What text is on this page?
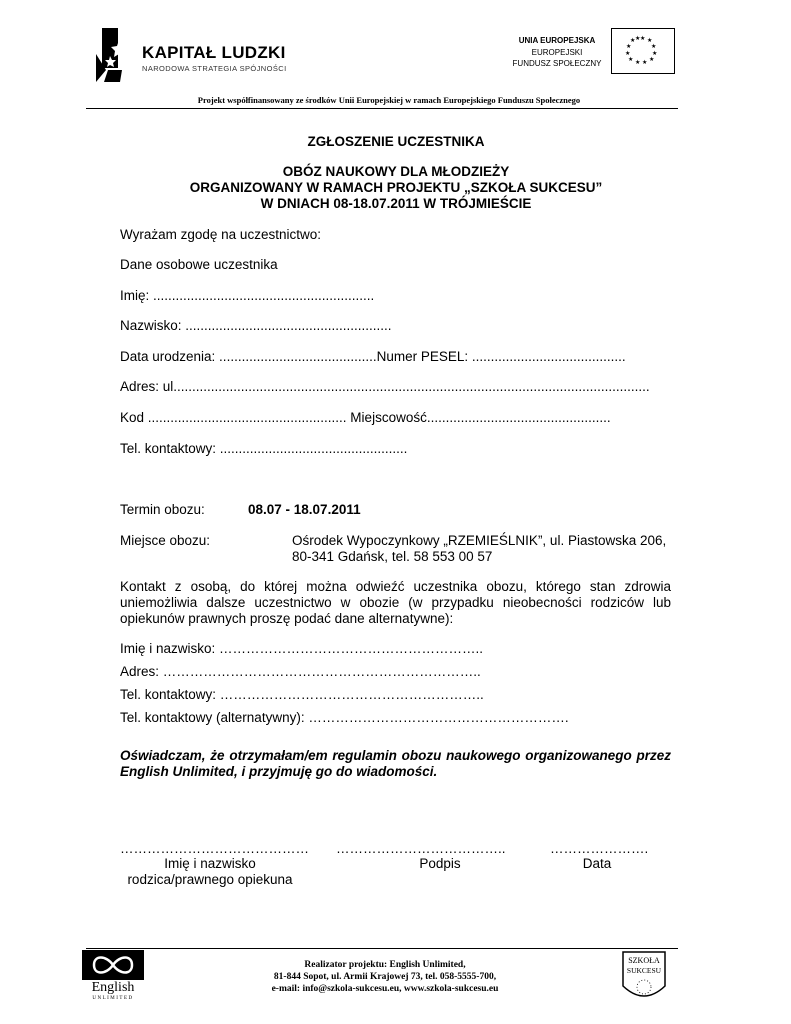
KAPITAŁ LUDZKI
NARODOWA STRATEGIA SPÓJNOŚCI
UNIA EUROPEJSKA
EUROPEJSKI
FUNDUSZ SPOŁECZNY
★ ★
★
★
★
★
★
★
★
★
★ ★
Projekt współfinansowany ze środków Unii Europejskiej w ramach Europejskiego Funduszu Społecznego
ZGŁOSZENIE UCZESTNIKA
OBÓZ NAUKOWY DLA MŁODZIEŻY
ORGANIZOWANY W RAMACH PROJEKTU „SZKOŁA SUKCESU”
W DNIACH 08-18.07.2011 W TRÓJMIEŚCIE
Wyrażam zgodę na uczestnictwo:
Dane osobowe uczestnika
Imię: ...........................................................
Nazwisko: .......................................................
Data urodzenia: ..........................................Numer PESEL: .........................................
Adres: ul...............................................................................................................................
Kod ..................................................... Miejscowość.................................................
Tel. kontaktowy: ..................................................
Termin obozu:	08.07 - 18.07.2011
Miejsce obozu:	Ośrodek Wypoczynkowy „RZEMIEŚLNIK”, ul. Piastowska 206,
80-341 Gdańsk, tel. 58 553 00 57
Kontakt z osobą, do której można odwieźć uczestnika obozu, którego stan zdrowia uniemożliwia dalsze uczestnictwo w obozie (w przypadku nieobecności rodziców lub opiekunów prawnych proszę podać dane alternatywne):
Imię i nazwisko: …………………………………………………..
Adres: ……………………………………………………………..
Tel. kontaktowy: …………………………………………………..
Tel. kontaktowy (alternatywny): ………………………………………………….
Oświadczam, że otrzymałam/em regulamin obozu naukowego organizowanego przez English Unlimited, i przyjmuję go do wiadomości.
……………………………………
Imię i nazwisko
rodzica/prawnego opiekuna
………………………………..
Podpis
………………….
Data
English
UNLIMITED
Realizator projektu: English Unlimited,
81-844 Sopot, ul. Armii Krajowej 73, tel. 058-5555-700,
e-mail: info@szkola-sukcesu.eu, www.szkola-sukcesu.eu
SZKOŁA
SUKCESU
